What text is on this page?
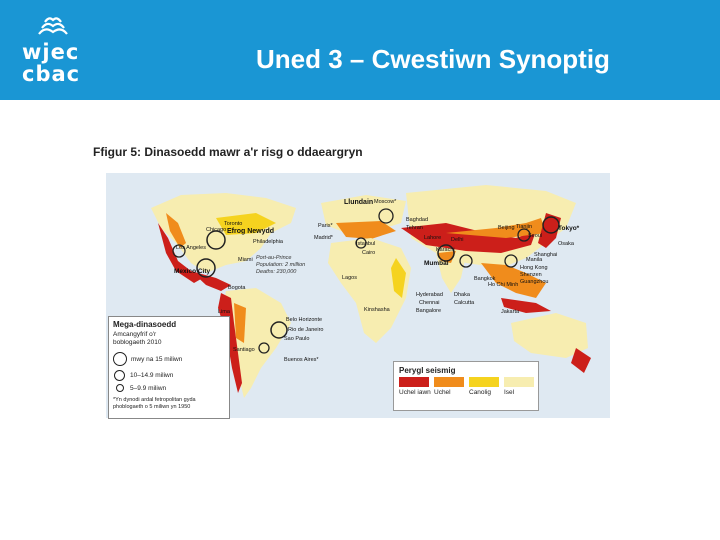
wjec
cbac	Uned 3 – Cwestiwn Synoptig
Ffigur 5: Dinasoedd mawr a'r risg o ddaeargryn
Llundain Moscow*
Baghdad
Tehran
Paris*
Madrid*
Istanbul
Cairo
Toronto
Chicago Efrog Newydd
Philadelphia
Los Angeles
Miami
Mexico City
Bogota
Lima
Santiago
Buenos Aires*
Sao Paulo
Rio de Janeiro
Belo Horizonte
Lagos
Kinshasha
Karachi
Mumbai
Hyderabad
Chennai
Bangalore
Dhaka
Calcutta
Beijing Tianjin
Seoul
Tokyo*
Osaka
Shanghai
Hong Kong
Shenzen
Guangzhou
Manila
Ho Chi Minh
Bangkok
Jakarta
Delhi
Lahore
Port-au-Prince
Population: 2 million
Deaths: 230,000
Mega-dinasoedd
Amcangyfrif o'r boblogaeth 2010
mwy na 15 miliwn
10–14.9 miliwn
5–9.9 miliwn
*Yn dynodi ardal fetropolitan gyda phoblogaeth o 5 miliwn yn 1950
Perygl seismig
Uchel iawn Uchel	Canolig Isel
